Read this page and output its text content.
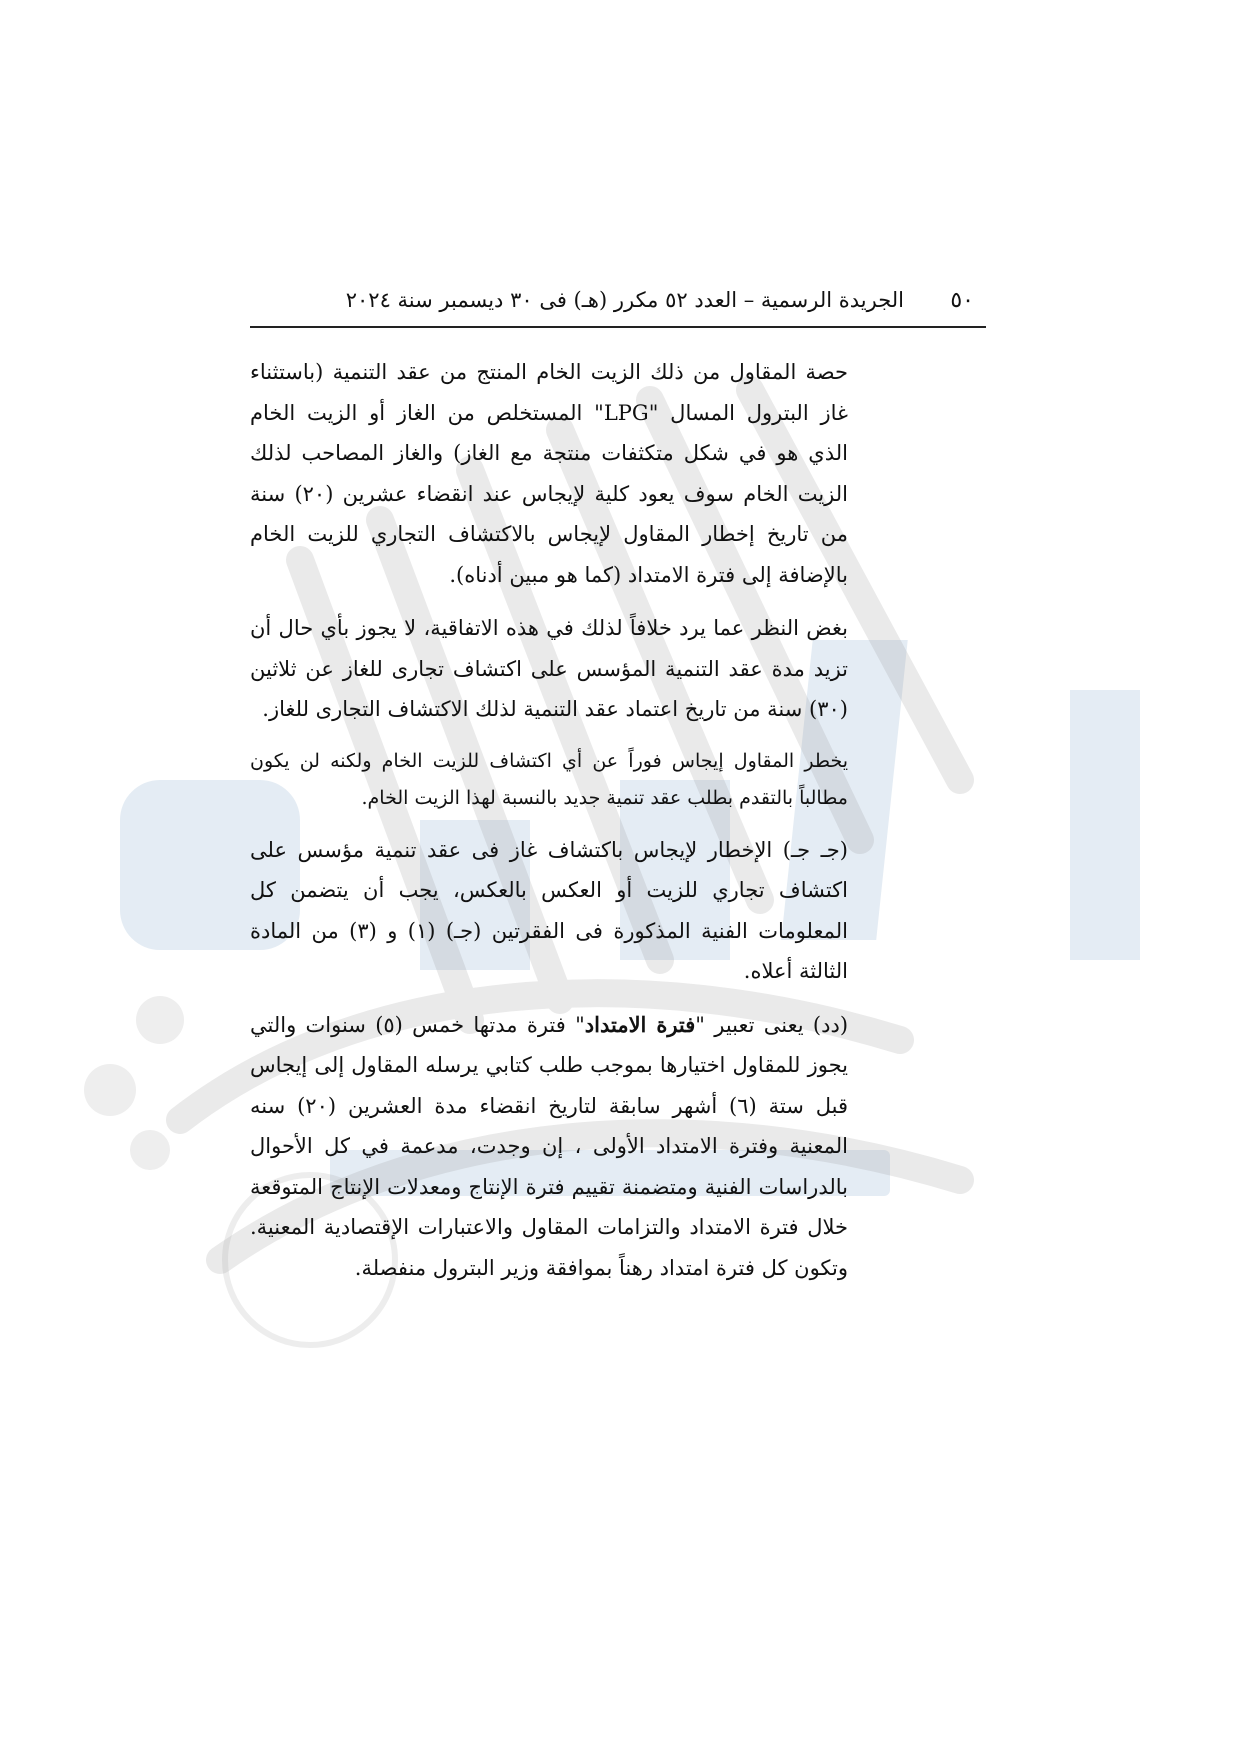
٥٠
الجريدة الرسمية – العدد ٥٢ مكرر (هـ) فى ٣٠ ديسمبر سنة ٢٠٢٤

حصة المقاول من ذلك الزيت الخام المنتج من عقد التنمية (باستثناء غاز البترول المسال "LPG" المستخلص من الغاز أو الزيت الخام الذي هو في شكل متكثفات منتجة مع الغاز) والغاز المصاحب لذلك الزيت الخام سوف يعود كلية لإيجاس عند انقضاء عشرين (٢٠) سنة من تاريخ إخطار المقاول لإيجاس بالاكتشاف التجاري للزيت الخام بالإضافة إلى فترة الامتداد (كما هو مبين أدناه).

بغض النظر عما يرد خلافاً لذلك في هذه الاتفاقية، لا يجوز بأي حال أن تزيد مدة عقد التنمية المؤسس على اكتشاف تجارى للغاز عن ثلاثين (٣٠) سنة من تاريخ اعتماد عقد التنمية لذلك الاكتشاف التجارى للغاز.

يخطر المقاول إيجاس فوراً عن أي اكتشاف للزيت الخام ولكنه لن يكون مطالباً بالتقدم بطلب عقد تنمية جديد بالنسبة لهذا الزيت الخام.

(جـ جـ) الإخطار لإيجاس باكتشاف غاز فى عقد تنمية مؤسس على اكتشاف تجاري للزيت أو العكس بالعكس، يجب أن يتضمن كل المعلومات الفنية المذكورة فى الفقرتين (جـ) (١) و (٣) من المادة الثالثة أعلاه.

(دد) يعنى تعبير "فترة الامتداد" فترة مدتها خمس (٥) سنوات والتي يجوز للمقاول اختيارها بموجب طلب كتابي يرسله المقاول إلى إيجاس قبل ستة (٦) أشهر سابقة لتاريخ انقضاء مدة العشرين (٢٠) سنه المعنية وفترة الامتداد الأولى ، إن وجدت، مدعمة في كل الأحوال بالدراسات الفنية ومتضمنة تقييم فترة الإنتاج ومعدلات الإنتاج المتوقعة خلال فترة الامتداد والتزامات المقاول والاعتبارات الإقتصادية المعنية. وتكون كل فترة امتداد رهناً بموافقة وزير البترول منفصلة.
